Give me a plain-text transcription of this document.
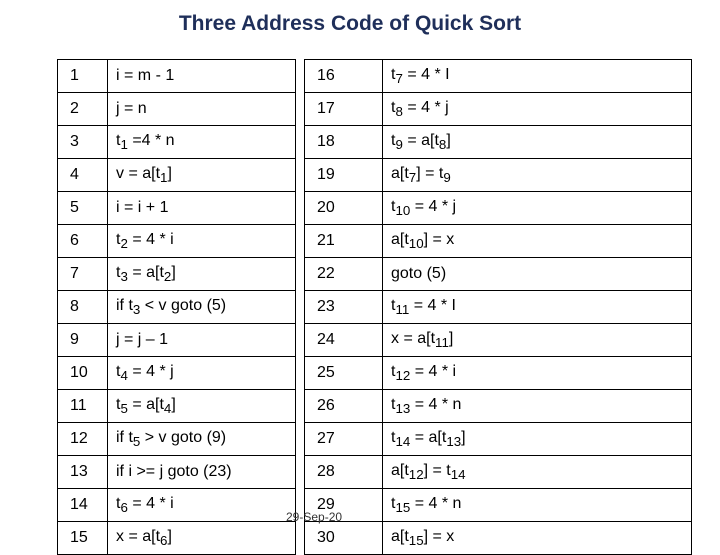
Three Address Code of Quick Sort
1	i = m - 1
2	j = n
3	$t_1 =4 * n$
4	$v = a[t_1]$
5	i = i + 1
6	$t_2 = 4 * i$
7	$t_3 = a[t_2]$
8	if $t_3 < v$ goto (5)
9	j = j – 1
10	$t_4 = 4 * j$
11	$t_5 = a[t_4]$
12	if $t_5 > v$ goto (9)
13	if i >= j goto (23)
14	$t_6 = 4 * i$
15	$x = a[t_6]$
16	$t_7 = 4 * I$
17	$t_8 = 4 * j$
18	$t_9 = a[t_8]$
19	$a[t_7] = t_9$
20	$t_{10} = 4 * j$
21	$a[t_{10}] = x$
22	goto (5)
23	$t_{11} = 4 * I$
24	$x = a[t_{11}]$
25	$t_{12} = 4 * i$
26	$t_{13} = 4 * n$
27	$t_{14} = a[t_{13}]$
28	$a[t_{12}] = t_{14}$
29	$t_{15} = 4 * n$
30	$a[t_{15}] = x$
29-Sep-20
